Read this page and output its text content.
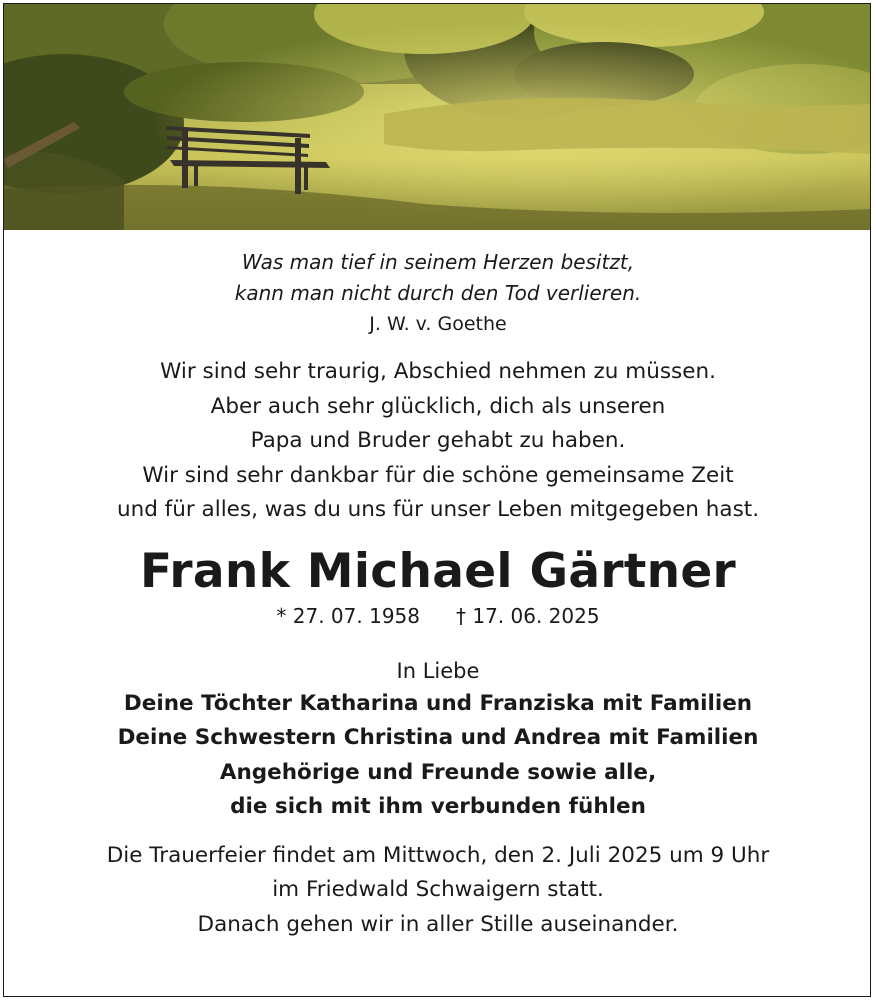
Was man tief in seinem Herzen besitzt,
kann man nicht durch den Tod verlieren.
J. W. v. Goethe
Wir sind sehr traurig, Abschied nehmen zu müssen.
Aber auch sehr glücklich, dich als unseren
Papa und Bruder gehabt zu haben.
Wir sind sehr dankbar für die schöne gemeinsame Zeit
und für alles, was du uns für unser Leben mitgegeben hast.
Frank Michael Gärtner
* 27. 07. 1958 † 17. 06. 2025
In Liebe
Deine Töchter Katharina und Franziska mit Familien
Deine Schwestern Christina und Andrea mit Familien
Angehörige und Freunde sowie alle,
die sich mit ihm verbunden fühlen
Die Trauerfeier findet am Mittwoch, den 2. Juli 2025 um 9 Uhr
im Friedwald Schwaigern statt.
Danach gehen wir in aller Stille auseinander.
